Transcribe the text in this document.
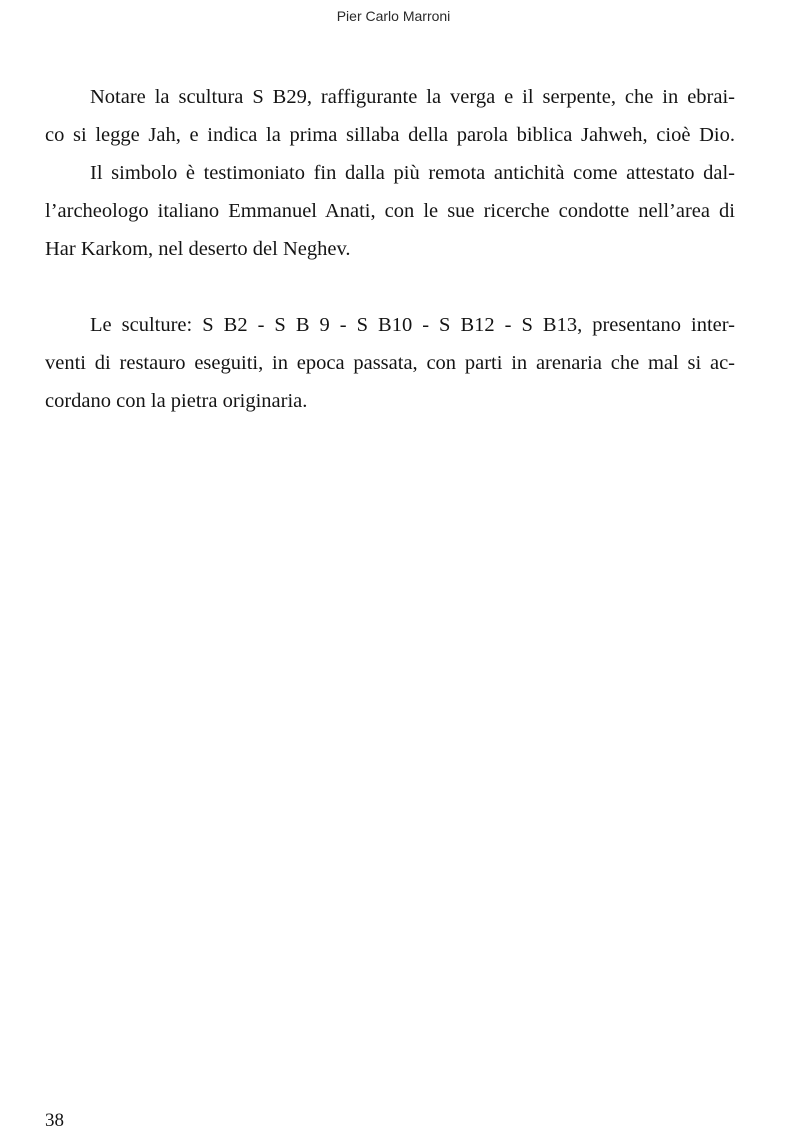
Pier Carlo Marroni
Notare la scultura S B29, raffigurante la verga e il serpente, che in ebrai-
co si legge Jah, e indica la prima sillaba della parola biblica Jahweh, cioè Dio.
Il simbolo è testimoniato fin dalla più remota antichità come attestato dal-
l’archeologo italiano Emmanuel Anati, con le sue ricerche condotte nell’area di
Har Karkom, nel deserto del Neghev.
Le sculture: S B2 - S B 9 - S B10 - S B12 - S B13, presentano inter-
venti di restauro eseguiti, in epoca passata, con parti in arenaria che mal si ac-
cordano con la pietra originaria.
38
